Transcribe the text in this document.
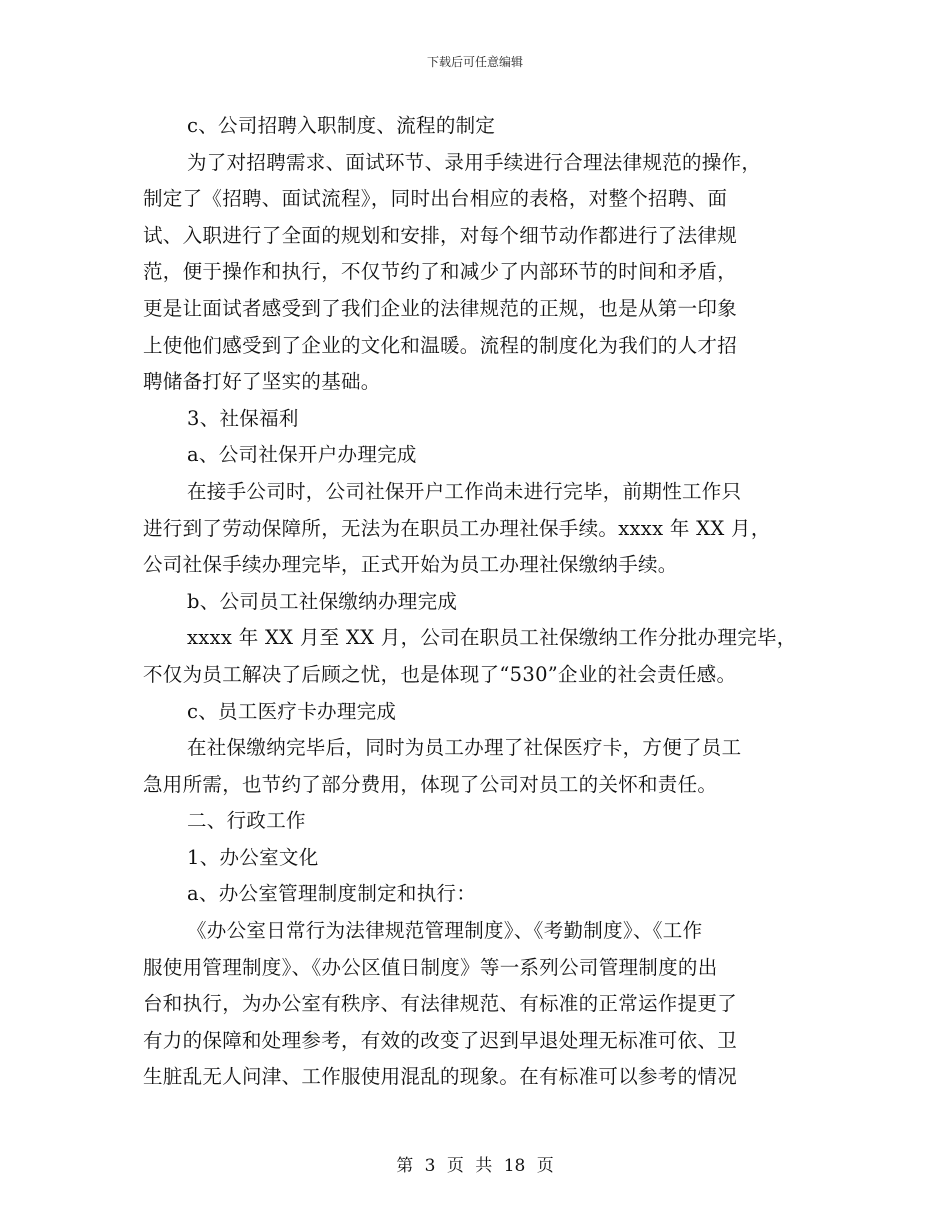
下载后可任意编辑
c、公司招聘入职制度、流程的制定
为了对招聘需求、面试环节、录用手续进行合理法律规范的操作，
制定了《招聘、面试流程》，同时出台相应的表格，对整个招聘、面
试、入职进行了全面的规划和安排，对每个细节动作都进行了法律规
范，便于操作和执行，不仅节约了和减少了内部环节的时间和矛盾，
更是让面试者感受到了我们企业的法律规范的正规，也是从第一印象
上使他们感受到了企业的文化和温暖。流程的制度化为我们的人才招
聘储备打好了坚实的基础。
3、社保福利
a、公司社保开户办理完成
在接手公司时，公司社保开户工作尚未进行完毕，前期性工作只
进行到了劳动保障所，无法为在职员工办理社保手续。xxxx 年 XX 月，
公司社保手续办理完毕，正式开始为员工办理社保缴纳手续。
b、公司员工社保缴纳办理完成
xxxx 年 XX 月至 XX 月，公司在职员工社保缴纳工作分批办理完毕，
不仅为员工解决了后顾之忧，也是体现了“530”企业的社会责任感。
c、员工医疗卡办理完成
在社保缴纳完毕后，同时为员工办理了社保医疗卡，方便了员工
急用所需，也节约了部分费用，体现了公司对员工的关怀和责任。
二、行政工作
1、办公室文化
a、办公室管理制度制定和执行：
《办公室日常行为法律规范管理制度》、《考勤制度》、《工作
服使用管理制度》、《办公区值日制度》等一系列公司管理制度的出
台和执行，为办公室有秩序、有法律规范、有标准的正常运作提更了
有力的保障和处理参考，有效的改变了迟到早退处理无标准可依、卫
生脏乱无人问津、工作服使用混乱的现象。在有标准可以参考的情况
第 3 页 共 18 页
